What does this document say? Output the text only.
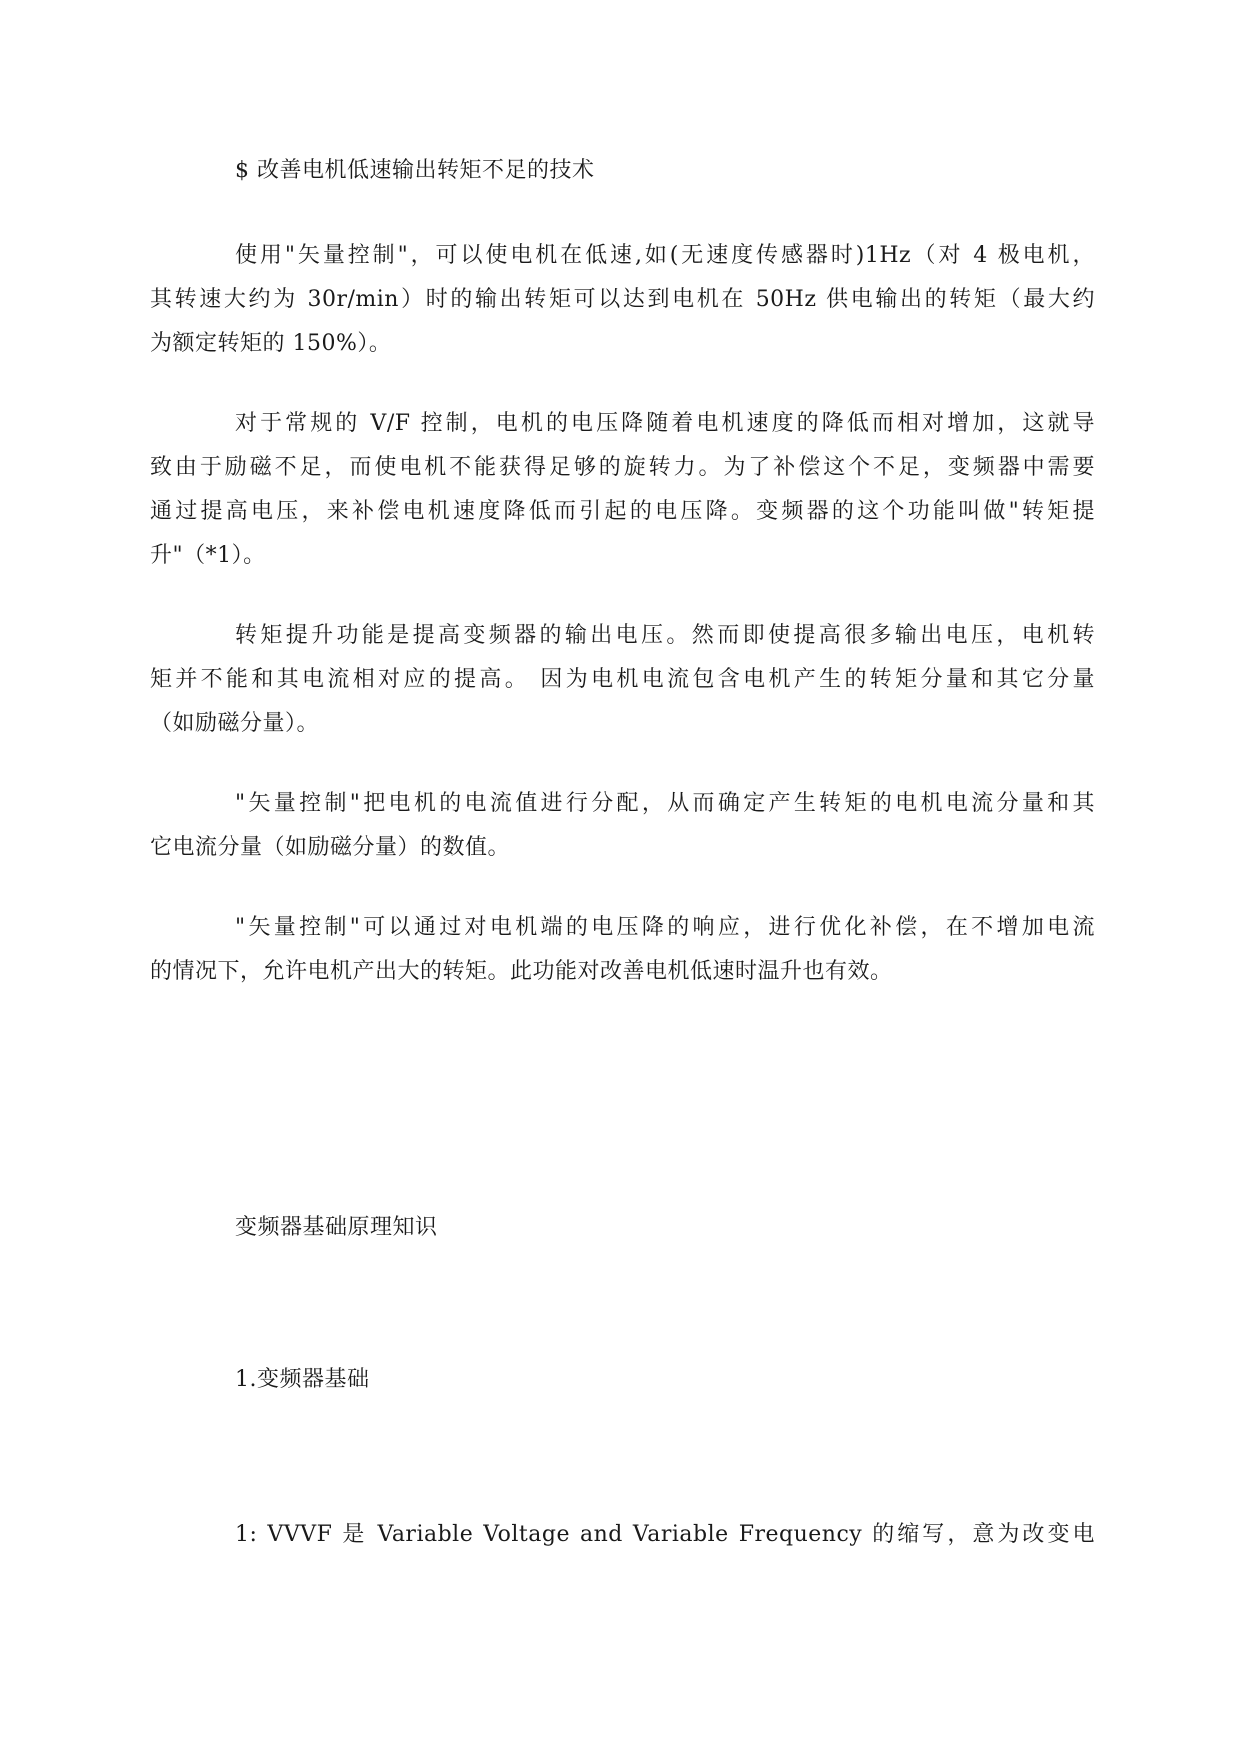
$ 改善电机低速输出转矩不足的技术
使用"矢量控制"，可以使电机在低速,如(无速度传感器时)1Hz（对 4 极电机，
其转速大约为 30r/min）时的输出转矩可以达到电机在 50Hz 供电输出的转矩（最大约
为额定转矩的 150%）。
对于常规的 V/F 控制，电机的电压降随着电机速度的降低而相对增加，这就导
致由于励磁不足，而使电机不能获得足够的旋转力。为了补偿这个不足，变频器中需要
通过提高电压，来补偿电机速度降低而引起的电压降。变频器的这个功能叫做"转矩提
升"（*1）。
转矩提升功能是提高变频器的输出电压。然而即使提高很多输出电压，电机转
矩并不能和其电流相对应的提高。 因为电机电流包含电机产生的转矩分量和其它分量
（如励磁分量）。
"矢量控制"把电机的电流值进行分配，从而确定产生转矩的电机电流分量和其
它电流分量（如励磁分量）的数值。
"矢量控制"可以通过对电机端的电压降的响应，进行优化补偿，在不增加电流
的情况下，允许电机产出大的转矩。此功能对改善电机低速时温升也有效。
变频器基础原理知识
1.变频器基础
1: VVVF 是 Variable Voltage and Variable Frequency 的缩写，意为改变电
